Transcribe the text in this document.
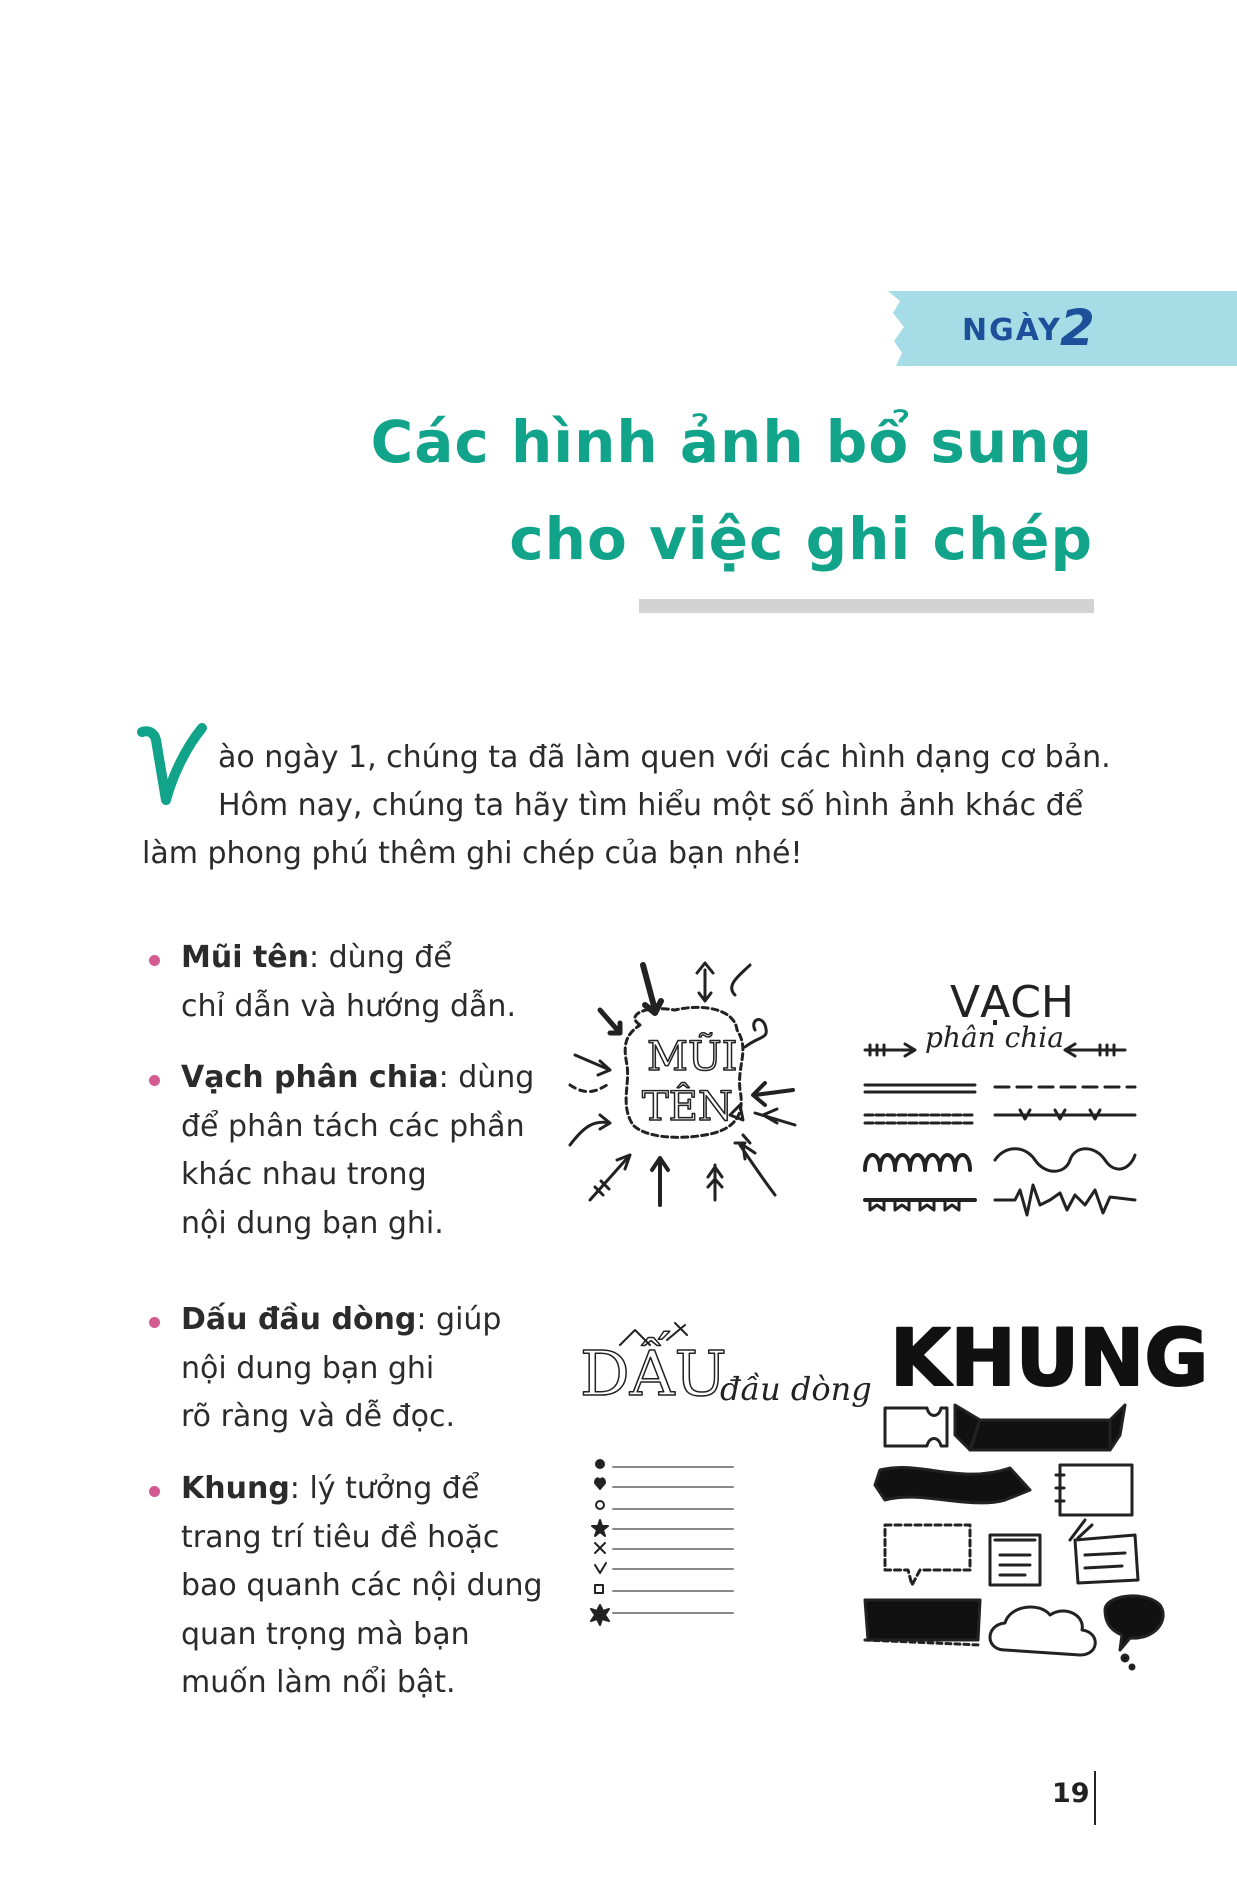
NGÀY
2
Các hình ảnh bổ sung
cho việc ghi chép
ào ngày 1, chúng ta đã làm quen với các hình dạng cơ bản.
Hôm nay, chúng ta hãy tìm hiểu một số hình ảnh khác để
làm phong phú thêm ghi chép của bạn nhé!
Mũi tên: dùng để
chỉ dẫn và hướng dẫn.
Vạch phân chia: dùng
để phân tách các phần
khác nhau trong
nội dung bạn ghi.
Dấu đầu dòng: giúp
nội dung bạn ghi
rõ ràng và dễ đọc.
Khung: lý tưởng để
trang trí tiêu đề hoặc
bao quanh các nội dung
quan trọng mà bạn
muốn làm nổi bật.
MŨI
TÊN
VẠCH
phân chia
DẤU
đầu dòng KHUNG
19
